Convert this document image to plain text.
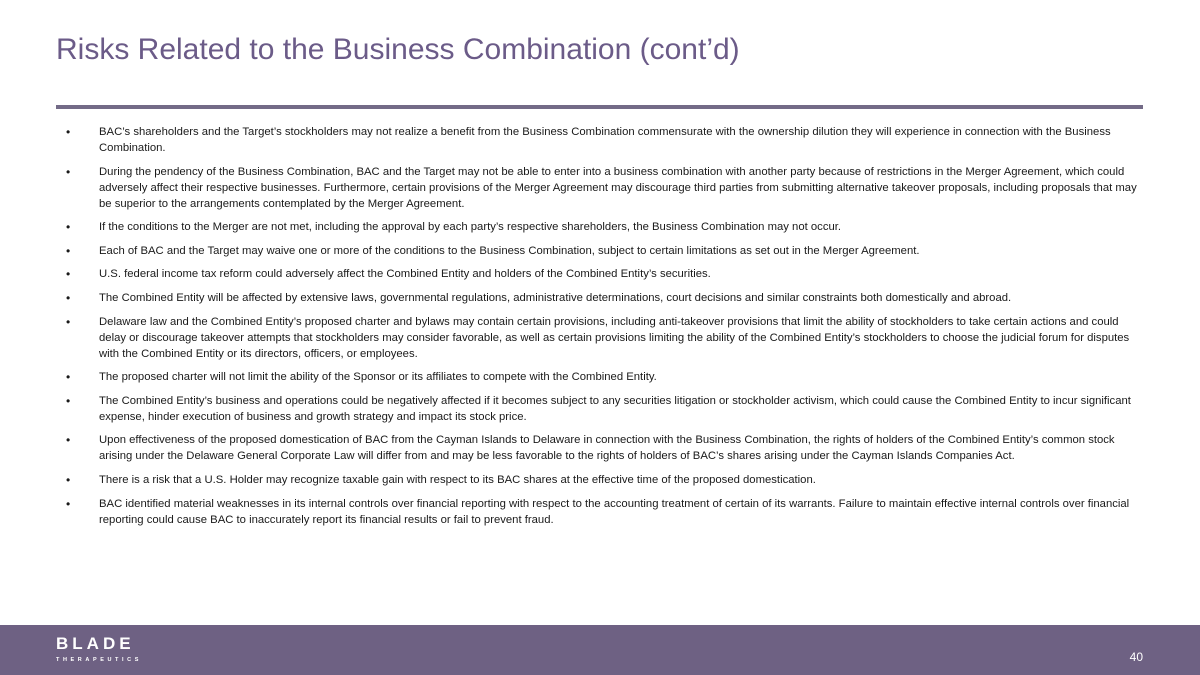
Risks Related to the Business Combination (cont’d)
•	BAC’s shareholders and the Target’s stockholders may not realize a benefit from the Business Combination commensurate with the ownership dilution they will experience in connection with the Business Combination.
•	During the pendency of the Business Combination, BAC and the Target may not be able to enter into a business combination with another party because of restrictions in the Merger Agreement, which could adversely affect their respective businesses. Furthermore, certain provisions of the Merger Agreement may discourage third parties from submitting alternative takeover proposals, including proposals that may be superior to the arrangements contemplated by the Merger Agreement.
•	If the conditions to the Merger are not met, including the approval by each party’s respective shareholders, the Business Combination may not occur.
•	Each of BAC and the Target may waive one or more of the conditions to the Business Combination, subject to certain limitations as set out in the Merger Agreement.
•	U.S. federal income tax reform could adversely affect the Combined Entity and holders of the Combined Entity’s securities.
•	The Combined Entity will be affected by extensive laws, governmental regulations, administrative determinations, court decisions and similar constraints both domestically and abroad.
•	Delaware law and the Combined Entity’s proposed charter and bylaws may contain certain provisions, including anti-takeover provisions that limit the ability of stockholders to take certain actions and could delay or discourage takeover attempts that stockholders may consider favorable, as well as certain provisions limiting the ability of the Combined Entity’s stockholders to choose the judicial forum for disputes with the Combined Entity or its directors, officers, or employees.
•	The proposed charter will not limit the ability of the Sponsor or its affiliates to compete with the Combined Entity.
•	The Combined Entity’s business and operations could be negatively affected if it becomes subject to any securities litigation or stockholder activism, which could cause the Combined Entity to incur significant expense, hinder execution of business and growth strategy and impact its stock price.
•	Upon effectiveness of the proposed domestication of BAC from the Cayman Islands to Delaware in connection with the Business Combination, the rights of holders of the Combined Entity’s common stock arising under the Delaware General Corporate Law will differ from and may be less favorable to the rights of holders of BAC’s shares arising under the Cayman Islands Companies Act.
•	There is a risk that a U.S. Holder may recognize taxable gain with respect to its BAC shares at the effective time of the proposed domestication.
•	BAC identified material weaknesses in its internal controls over financial reporting with respect to the accounting treatment of certain of its warrants. Failure to maintain effective internal controls over financial reporting could cause BAC to inaccurately report its financial results or fail to prevent fraud.
BLADE
THERAPEUTICS	40
